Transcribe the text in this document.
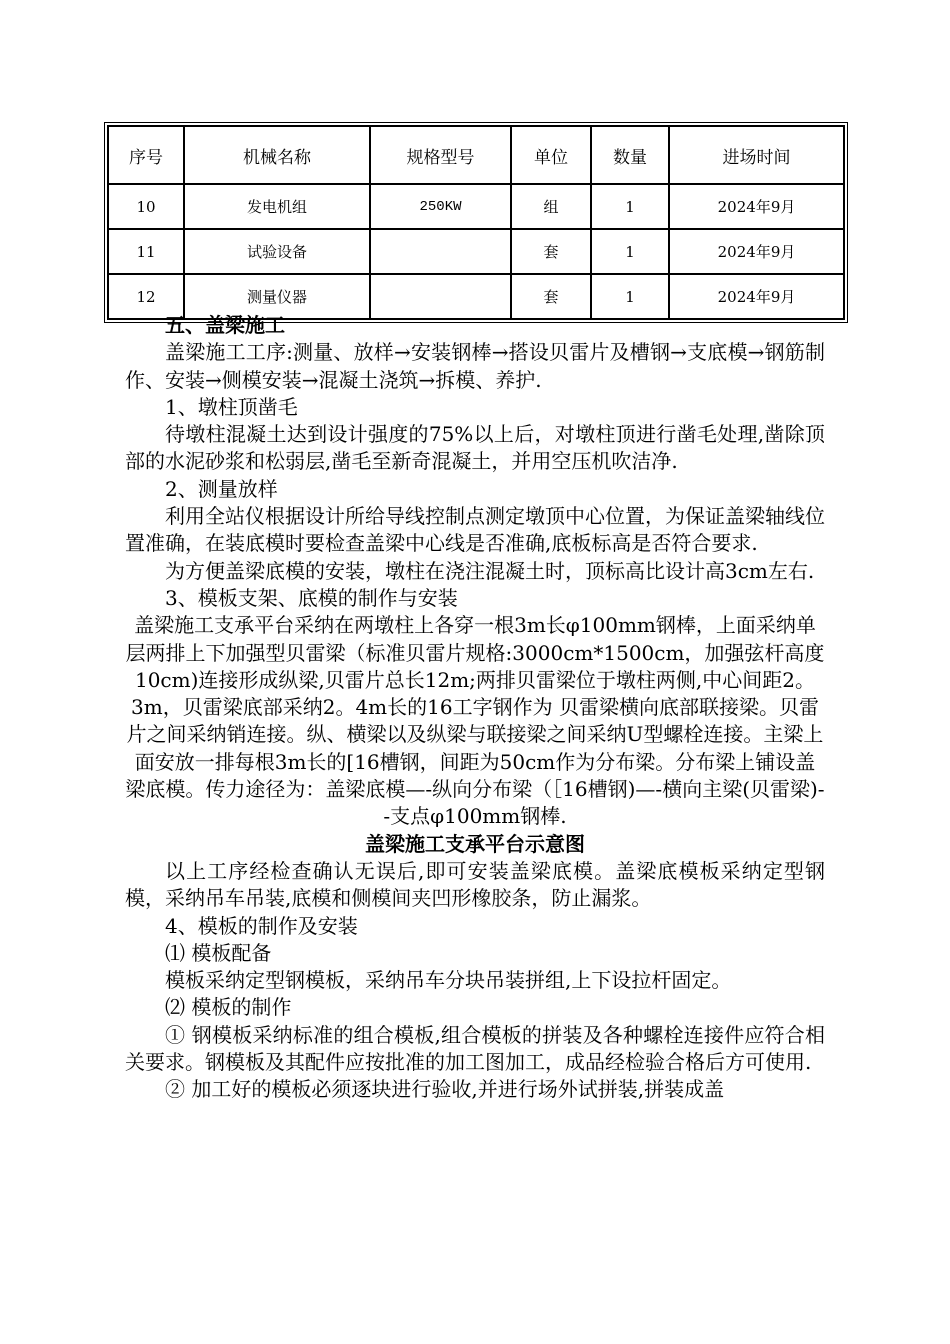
序号	机械名称	规格型号	单位	数量	进场时间
10	发电机组	250KW	组	1	2024年9月
11	试验设备		套	1	2024年9月
12	测量仪器		套	1	2024年9月

五、盖梁施工

盖梁施工工序:测量、放样→安装钢棒→搭设贝雷片及槽钢→支底模→钢筋制作、安装→侧模安装→混凝土浇筑→拆模、养护.

1、墩柱顶凿毛

待墩柱混凝土达到设计强度的75%以上后，对墩柱顶进行凿毛处理,凿除顶部的水泥砂浆和松弱层,凿毛至新奇混凝土，并用空压机吹洁净.

2、测量放样

利用全站仪根据设计所给导线控制点测定墩顶中心位置，为保证盖梁轴线位置准确，在装底模时要检查盖梁中心线是否准确,底板标高是否符合要求.

为方便盖梁底模的安装，墩柱在浇注混凝土时，顶标高比设计高3cm左右.

3、模板支架、底模的制作与安装

盖梁施工支承平台采纳在两墩柱上各穿一根3m长φ100mm钢棒，上面采纳单层两排上下加强型贝雷梁（标准贝雷片规格:3000cm*1500cm，加强弦杆高度10cm)连接形成纵梁,贝雷片总长12m;两排贝雷梁位于墩柱两侧,中心间距2。3m，贝雷梁底部采纳2。4m长的16工字钢作为 贝雷梁横向底部联接梁。贝雷片之间采纳销连接。纵、横梁以及纵梁与联接梁之间采纳U型螺栓连接。主梁上面安放一排每根3m长的[16槽钢，间距为50cm作为分布梁。分布梁上铺设盖梁底模。传力途径为：盖梁底模—-纵向分布梁（［16槽钢)—-横向主梁(贝雷梁)--支点φ100mm钢棒.

盖梁施工支承平台示意图

以上工序经检查确认无误后,即可安装盖梁底模。盖梁底模板采纳定型钢模，采纳吊车吊装,底模和侧模间夹凹形橡胶条，防止漏浆。

4、模板的制作及安装

⑴ 模板配备

模板采纳定型钢模板，采纳吊车分块吊装拼组,上下设拉杆固定。

⑵ 模板的制作

① 钢模板采纳标准的组合模板,组合模板的拼装及各种螺栓连接件应符合相关要求。钢模板及其配件应按批准的加工图加工，成品经检验合格后方可使用.

② 加工好的模板必须逐块进行验收,并进行场外试拼装,拼装成盖
